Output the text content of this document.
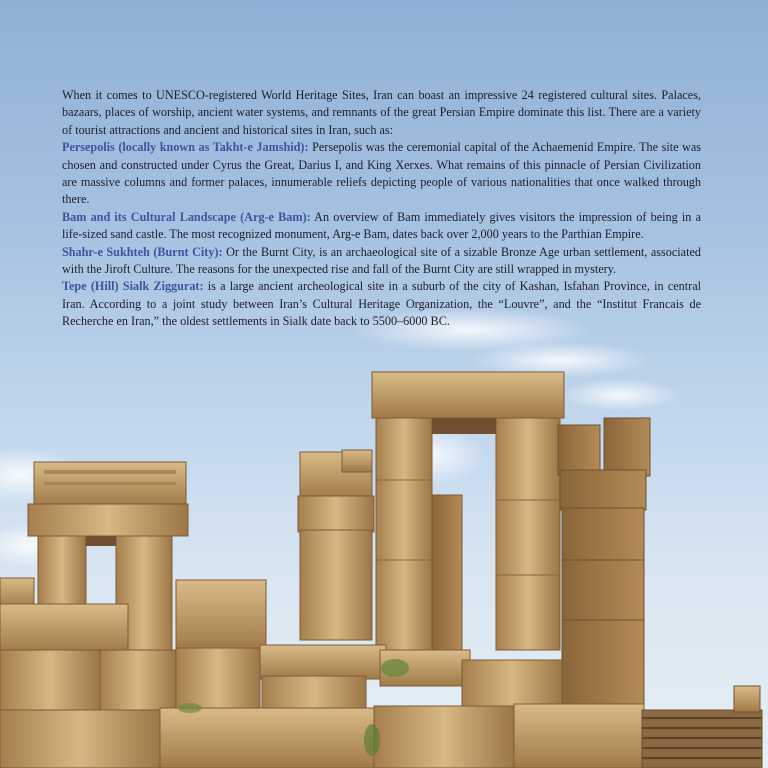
When it comes to UNESCO-registered World Heritage Sites, Iran can boast an impressive 24 registered cultural sites. Palaces, bazaars, places of worship, ancient water systems, and remnants of the great Persian Empire dominate this list. There are a variety of tourist attractions and ancient and historical sites in Iran, such as:

Persepolis (locally known as Takht-e Jamshid): Persepolis was the ceremonial capital of the Achaemenid Empire. The site was chosen and constructed under Cyrus the Great, Darius I, and King Xerxes. What remains of this pinnacle of Persian Civilization are massive columns and former palaces, innumerable reliefs depicting people of various nationalities that once walked through there.

Bam and its Cultural Landscape (Arg-e Bam): An overview of Bam immediately gives visitors the impression of being in a life-sized sand castle. The most recognized monument, Arg-e Bam, dates back over 2,000 years to the Parthian Empire.

Shahr-e Sukhteh (Burnt City): Or the Burnt City, is an archaeological site of a sizable Bronze Age urban settlement, associated with the Jiroft Culture. The reasons for the unexpected rise and fall of the Burnt City are still wrapped in mystery.

Tepe (Hill) Sialk Ziggurat: is a large ancient archeological site in a suburb of the city of Kashan, Isfahan Province, in central Iran. According to a joint study between Iran’s Cultural Heritage Organization, the “Louvre”, and the “Institut Francais de Recherche en Iran,” the oldest settlements in Sialk date back to 5500–6000 BC.
